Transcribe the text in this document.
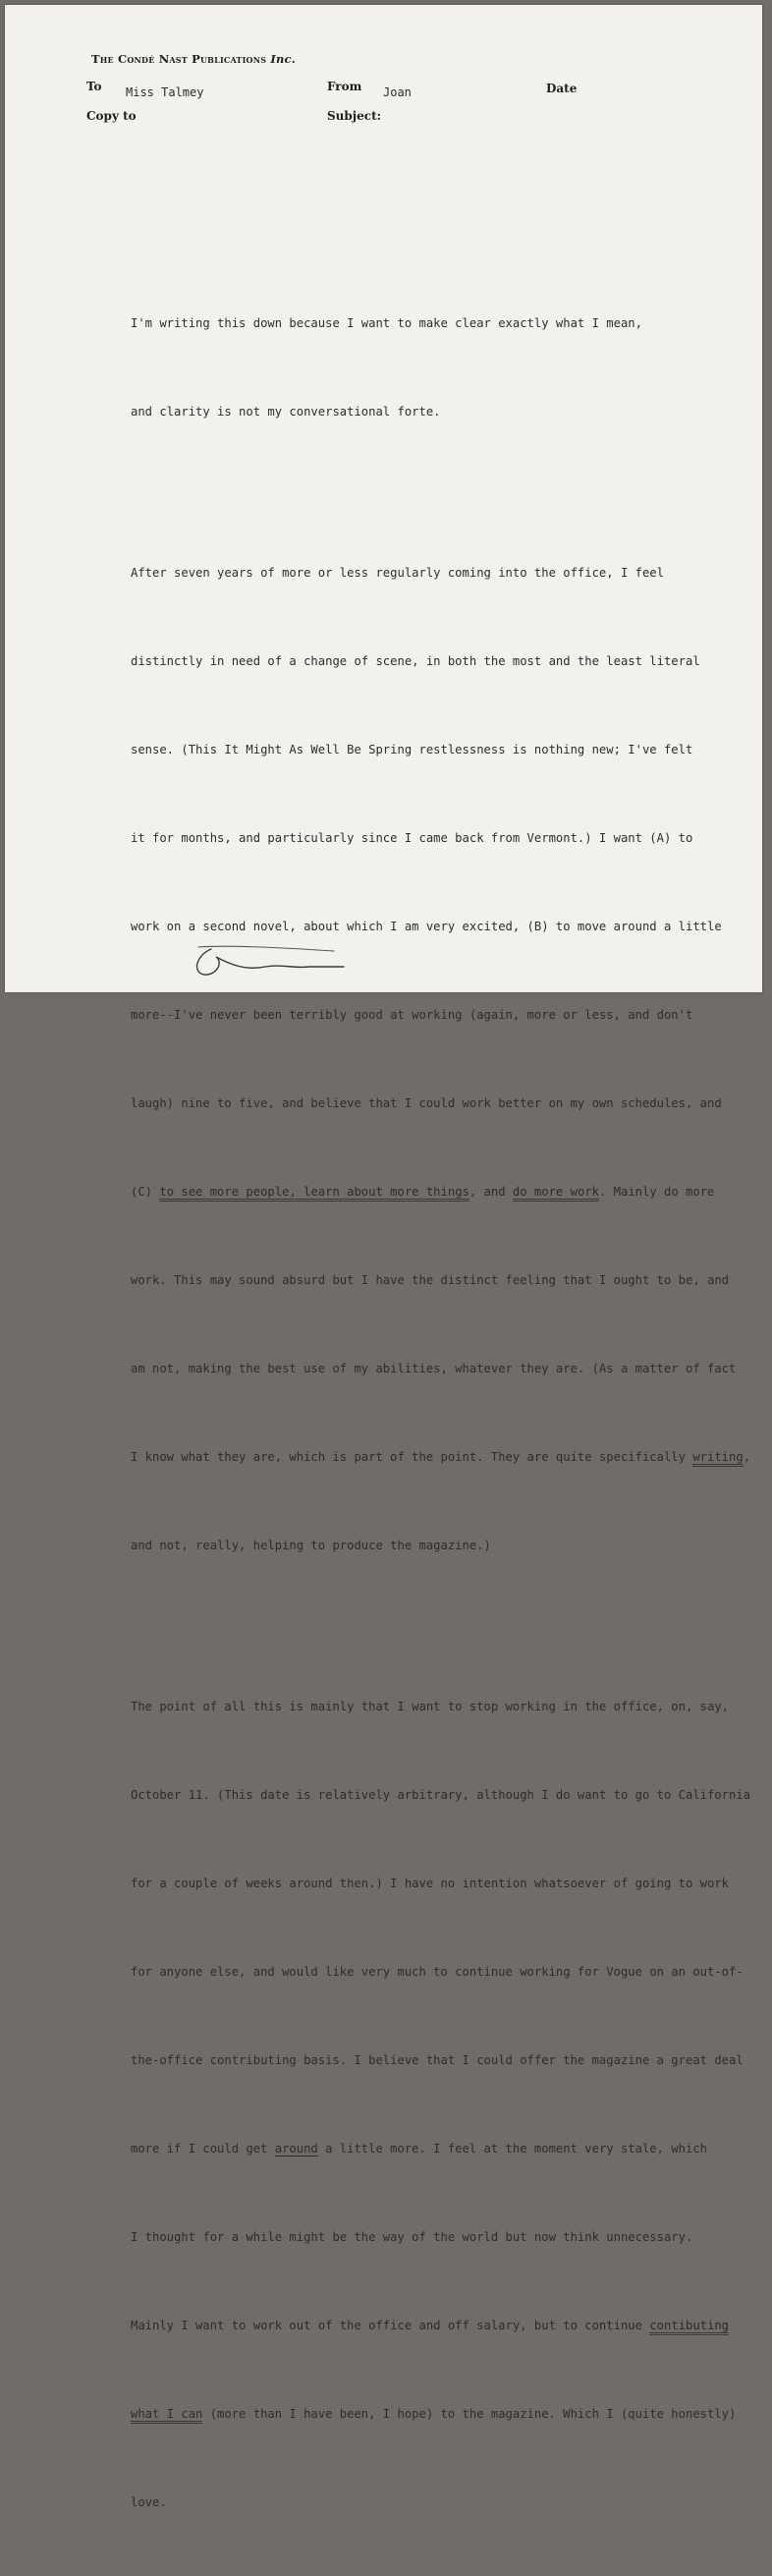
The Condé Nast Publications Inc.
To Miss Talmey	From Joan	Date
Copy to	Subject:

I'm writing this down because I want to make clear exactly what I mean,

and clarity is not my conversational forte.

After seven years of more or less regularly coming into the office, I feel

distinctly in need of a change of scene, in both the most and the least literal

sense. (This It Might As Well Be Spring restlessness is nothing new; I've felt

it for months, and particularly since I came back from Vermont.) I want (A) to

work on a second novel, about which I am very excited, (B) to move around a little

more--I've never been terribly good at working (again, more or less, and don't

laugh) nine to five, and believe that I could work better on my own schedules, and

(C) to see more people, learn about more things, and do more work. Mainly do more

work. This may sound absurd but I have the distinct feeling that I ought to be, and

am not, making the best use of my abilities, whatever they are. (As a matter of fact

I know what they are, which is part of the point. They are quite specifically writing,

and not, really, helping to produce the magazine.)

The point of all this is mainly that I want to stop working in the office, on, say,

October 11. (This date is relatively arbitrary, although I do want to go to California

for a couple of weeks around then.) I have no intention whatsoever of going to work

for anyone else, and would like very much to continue working for Vogue on an out-of-

the-office contributing basis. I believe that I could offer the magazine a great deal

more if I could get around a little more. I feel at the moment very stale, which

I thought for a while might be the way of the world but now think unnecessary.

Mainly I want to work out of the office and off salary, but to continue contibuting

what I can (more than I have been, I hope) to the magazine. Which I (quite honestly)

love.
